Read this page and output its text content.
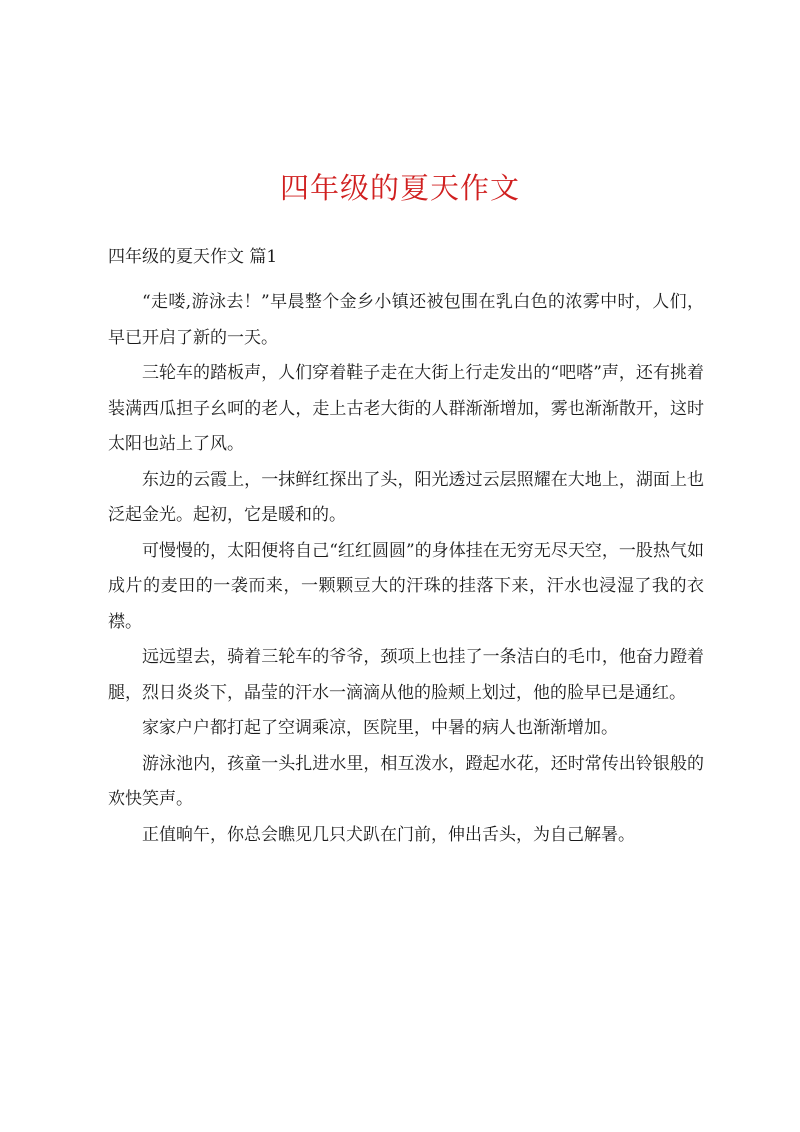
四年级的夏天作文
四年级的夏天作文 篇1

“走喽,游泳去！”早晨整个金乡小镇还被包围在乳白色的浓雾中时，人们，早已开启了新的一天。

三轮车的踏板声，人们穿着鞋子走在大街上行走发出的“吧嗒”声，还有挑着装满西瓜担子幺呵的老人，走上古老大街的人群渐渐增加，雾也渐渐散开，这时太阳也站上了风。

东边的云霞上，一抹鲜红探出了头，阳光透过云层照耀在大地上，湖面上也泛起金光。起初，它是暖和的。

可慢慢的，太阳便将自己“红红圆圆”的身体挂在无穷无尽天空，一股热气如成片的麦田的一袭而来，一颗颗豆大的汗珠的挂落下来，汗水也浸湿了我的衣襟。

远远望去，骑着三轮车的爷爷，颈项上也挂了一条洁白的毛巾，他奋力蹬着腿，烈日炎炎下，晶莹的汗水一滴滴从他的脸颊上划过，他的脸早已是通红。

家家户户都打起了空调乘凉，医院里，中暑的病人也渐渐增加。

游泳池内，孩童一头扎进水里，相互泼水，蹬起水花，还时常传出铃银般的欢快笑声。

正值晌午，你总会瞧见几只犬趴在门前，伸出舌头，为自己解暑。
